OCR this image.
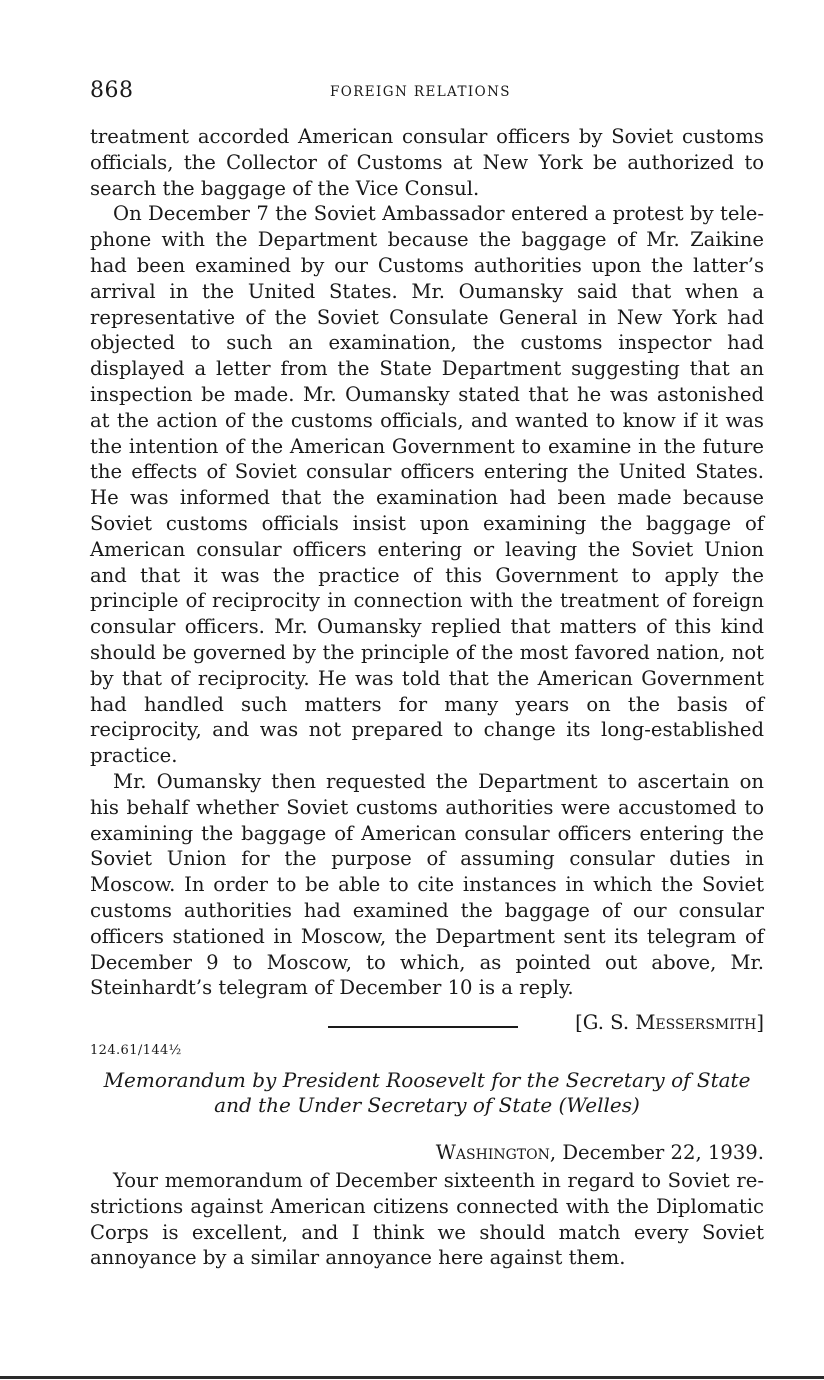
868	FOREIGN RELATIONS

treatment accorded American consular officers by Soviet customs officials, the Collector of Customs at New York be authorized to search the baggage of the Vice Consul.

On December 7 the Soviet Ambassador entered a protest by telephone with the Department because the baggage of Mr. Zaikine had been examined by our Customs authorities upon the latter’s arrival in the United States. Mr. Oumansky said that when a representative of the Soviet Consulate General in New York had objected to such an examination, the customs inspector had displayed a letter from the State Department suggesting that an inspection be made. Mr. Oumansky stated that he was astonished at the action of the customs officials, and wanted to know if it was the intention of the American Government to examine in the future the effects of Soviet consular officers entering the United States. He was informed that the examination had been made because Soviet customs officials insist upon examining the baggage of American consular officers entering or leaving the Soviet Union and that it was the practice of this Government to apply the principle of reciprocity in connection with the treatment of foreign consular officers. Mr. Oumansky replied that matters of this kind should be governed by the principle of the most favored nation, not by that of reciprocity. He was told that the American Government had handled such matters for many years on the basis of reciprocity, and was not prepared to change its long-established practice.

Mr. Oumansky then requested the Department to ascertain on his behalf whether Soviet customs authorities were accustomed to examining the baggage of American consular officers entering the Soviet Union for the purpose of assuming consular duties in Moscow. In order to be able to cite instances in which the Soviet customs authorities had examined the baggage of our consular officers stationed in Moscow, the Department sent its telegram of December 9 to Moscow, to which, as pointed out above, Mr. Steinhardt’s telegram of December 10 is a reply.

[G. S. Messersmith]

124.61/144½
Memorandum by President Roosevelt for the Secretary of State and the Under Secretary of State (Welles)
Washington, December 22, 1939.

Your memorandum of December sixteenth in regard to Soviet restrictions against American citizens connected with the Diplomatic Corps is excellent, and I think we should match every Soviet annoyance by a similar annoyance here against them.
